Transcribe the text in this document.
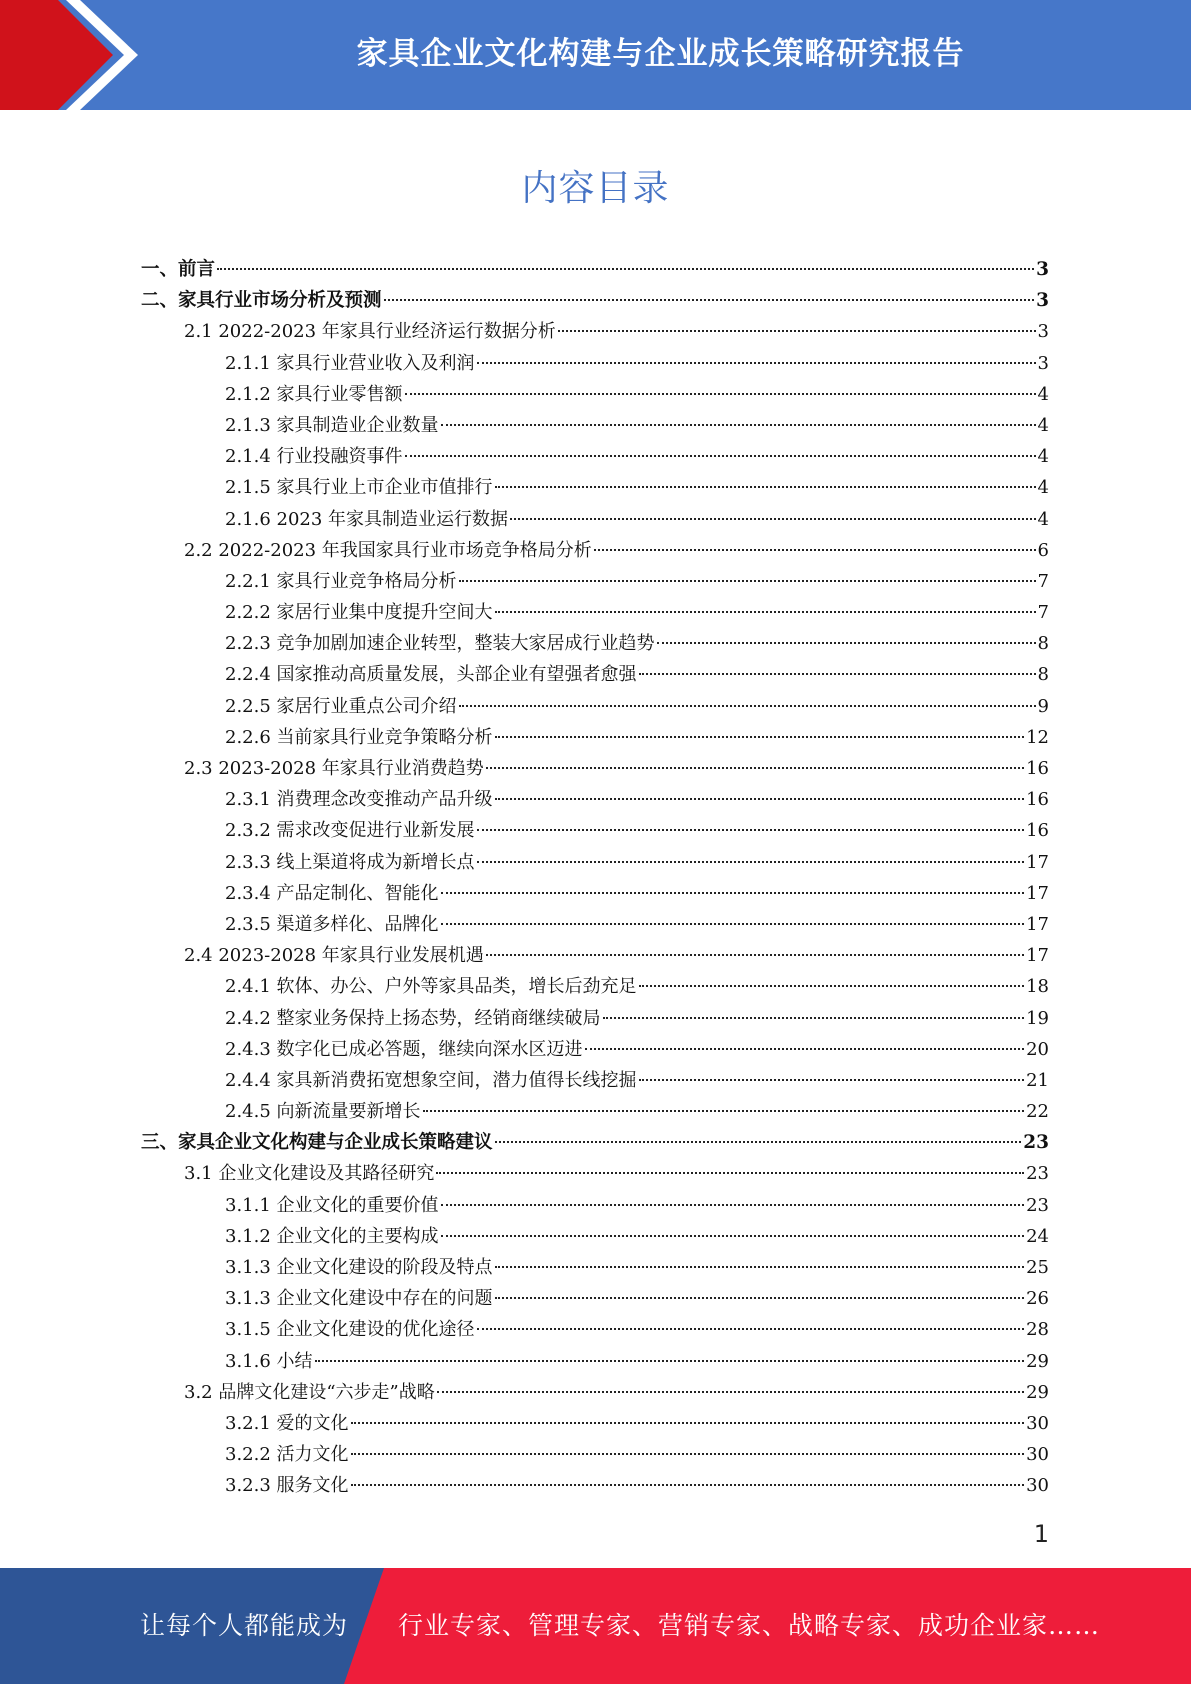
家具企业文化构建与企业成长策略研究报告
内容目录
一、前言	3
二、家具行业市场分析及预测	3
2.1 2022-2023 年家具行业经济运行数据分析	3
2.1.1 家具行业营业收入及利润	3
2.1.2 家具行业零售额	4
2.1.3 家具制造业企业数量	4
2.1.4 行业投融资事件	4
2.1.5 家具行业上市企业市值排行	4
2.1.6 2023 年家具制造业运行数据	4
2.2 2022-2023 年我国家具行业市场竞争格局分析	6
2.2.1 家具行业竞争格局分析	7
2.2.2 家居行业集中度提升空间大	7
2.2.3 竞争加剧加速企业转型，整装大家居成行业趋势	8
2.2.4 国家推动高质量发展，头部企业有望强者愈强	8
2.2.5 家居行业重点公司介绍	9
2.2.6 当前家具行业竞争策略分析	12
2.3 2023-2028 年家具行业消费趋势	16
2.3.1 消费理念改变推动产品升级	16
2.3.2 需求改变促进行业新发展	16
2.3.3 线上渠道将成为新增长点	17
2.3.4 产品定制化、智能化	17
2.3.5 渠道多样化、品牌化	17
2.4 2023-2028 年家具行业发展机遇	17
2.4.1 软体、办公、户外等家具品类，增长后劲充足	18
2.4.2 整家业务保持上扬态势，经销商继续破局	19
2.4.3 数字化已成必答题，继续向深水区迈进	20
2.4.4 家具新消费拓宽想象空间，潜力值得长线挖掘	21
2.4.5 向新流量要新增长	22
三、家具企业文化构建与企业成长策略建议	23
3.1 企业文化建设及其路径研究	23
3.1.1 企业文化的重要价值	23
3.1.2 企业文化的主要构成	24
3.1.3 企业文化建设的阶段及特点	25
3.1.3 企业文化建设中存在的问题	26
3.1.5 企业文化建设的优化途径	28
3.1.6 小结	29
3.2 品牌文化建设“六步走”战略	29
3.2.1 爱的文化	30
3.2.2 活力文化	30
3.2.3 服务文化	30
1
让每个人都能成为 行业专家、管理专家、营销专家、战略专家、成功企业家……
